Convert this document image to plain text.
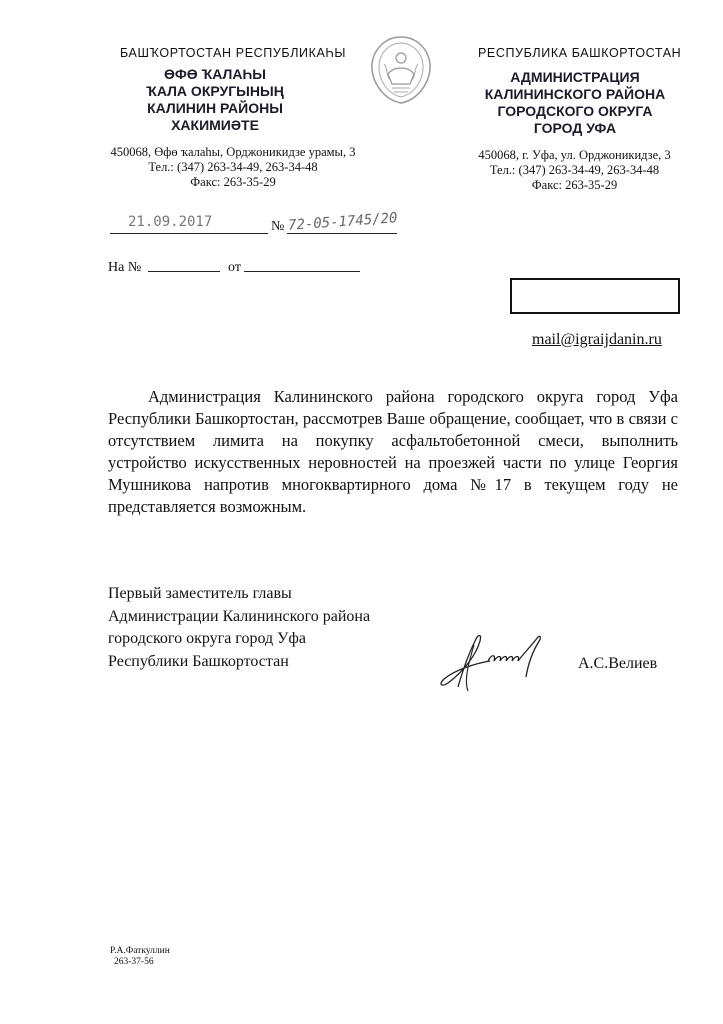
БАШҠОРТОСТАН РЕСПУБЛИКАҺЫ
ӨФӨ ҠАЛАҺЫ
ҠАЛА ОКРУГЫНЫҢ
КАЛИНИН РАЙОНЫ
ХАКИМИӘТЕ
450068, Өфө ҡалаһы, Орджоникидзе урамы, 3
Тел.: (347) 263-34-49, 263-34-48
Факс: 263-35-29
РЕСПУБЛИКА БАШКОРТОСТАН
АДМИНИСТРАЦИЯ
КАЛИНИНСКОГО РАЙОНА
ГОРОДСКОГО ОКРУГА
ГОРОД УФА
450068, г. Уфа, ул. Орджоникидзе, 3
Тел.: (347) 263-34-49, 263-34-48
Факс: 263-35-29
21.09.2017	№ 72-05-1745/20
На №	от
mail@igraijdanin.ru
Администрация Калининского района городского округа город Уфа Республики Башкортостан, рассмотрев Ваше обращение, сообщает, что в связи с отсутствием лимита на покупку асфальтобетонной смеси, выполнить устройство искусственных неровностей на проезжей части по улице Георгия Мушникова напротив многоквартирного дома №17 в текущем году не представляется возможным.
Первый заместитель главы
Администрации Калининского района
городского округа город Уфа
Республики Башкортостан	А.С.Велиев
Р.А.Фаткуллин
263-37-56
